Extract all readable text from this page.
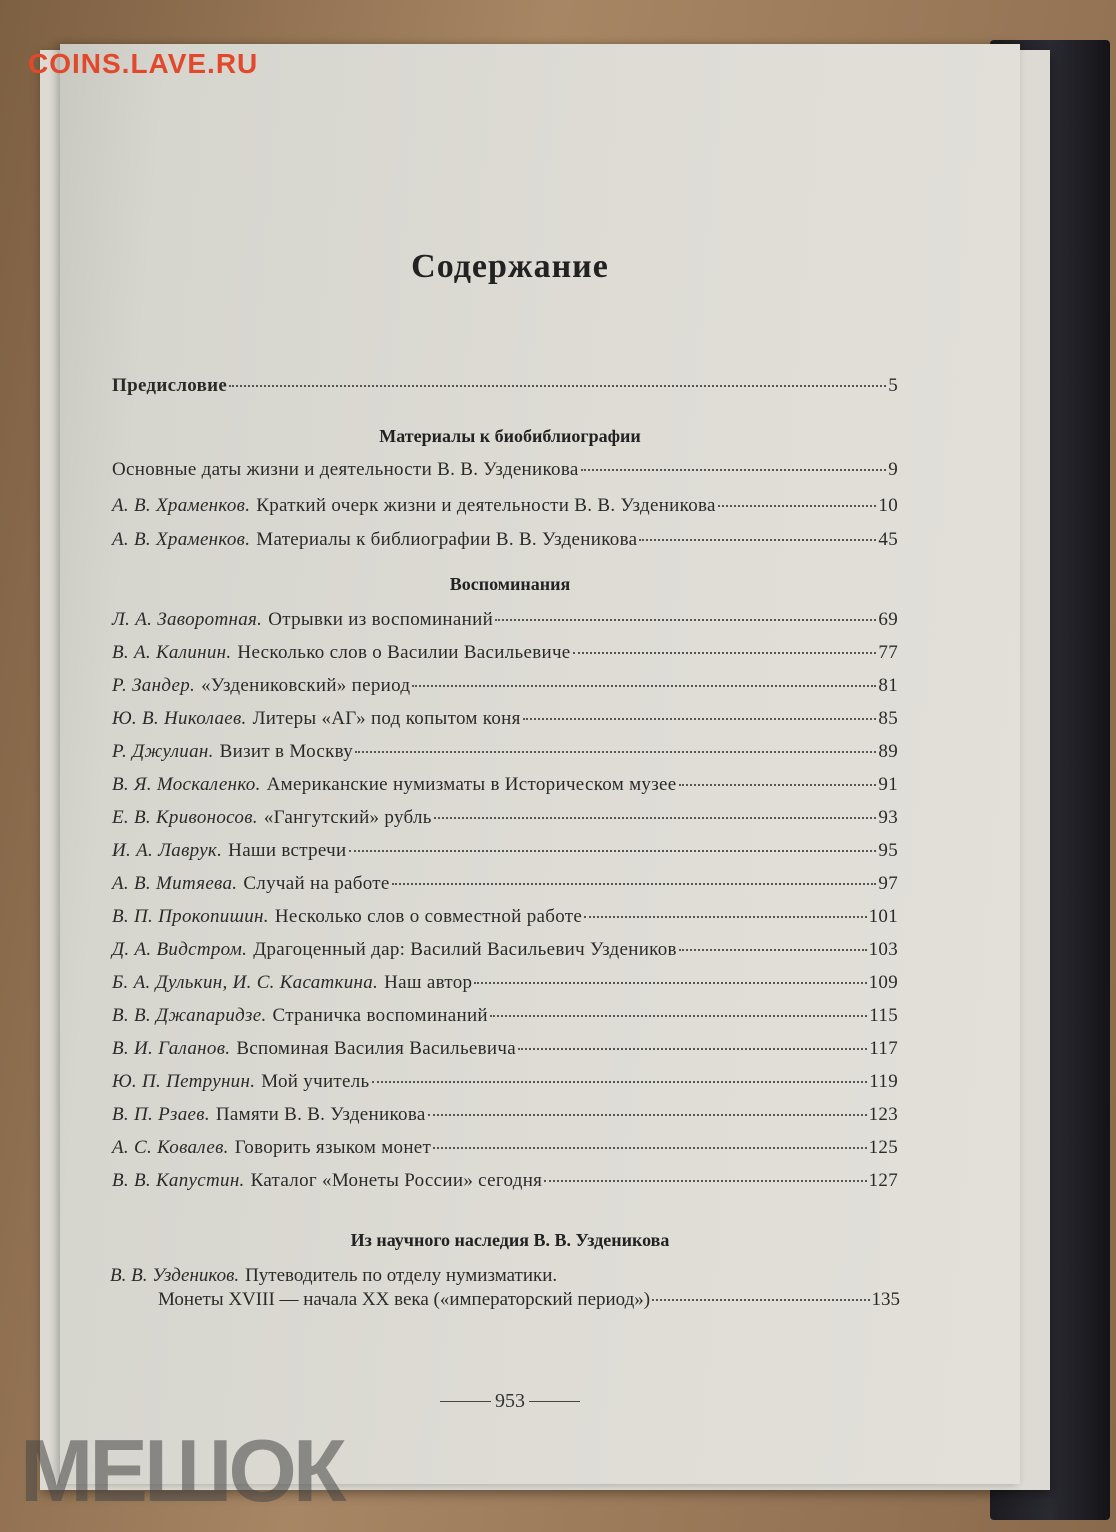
COINS.LAVE.RU
Содержание
Предисловие	5
Материалы к биобиблиографии
Основные даты жизни и деятельности В. В. Узденикова	9
А. В. Храменков. Краткий очерк жизни и деятельности В. В. Узденикова	10
А. В. Храменков. Материалы к библиографии В. В. Узденикова	45
Воспоминания
Л. А. Заворотная. Отрывки из воспоминаний	69
В. А. Калинин. Несколько слов о Василии Васильевиче	77
Р. Зандер. «Уздениковский» период	81
Ю. В. Николаев. Литеры «АГ» под копытом коня	85
Р. Джулиан. Визит в Москву	89
В. Я. Москаленко. Американские нумизматы в Историческом музее	91
Е. В. Кривоносов. «Гангутский» рубль	93
И. А. Лаврук. Наши встречи	95
А. В. Митяева. Случай на работе	97
В. П. Прокопишин. Несколько слов о совместной работе	101
Д. А. Видстром. Драгоценный дар: Василий Васильевич Уздеников	103
Б. А. Дулькин, И. С. Касаткина. Наш автор	109
В. В. Джапаридзе. Страничка воспоминаний	115
В. И. Галанов. Вспоминая Василия Васильевича	117
Ю. П. Петрунин. Мой учитель	119
В. П. Рзаев. Памяти В. В. Узденикова	123
А. С. Ковалев. Говорить языком монет	125
В. В. Капустин. Каталог «Монеты России» сегодня	127
Из научного наследия В. В. Узденикова
В. В. Уздеников. Путеводитель по отделу нумизматики.
Монеты XVIII — начала XX века («императорский период»)	135
953
МЕШОК
